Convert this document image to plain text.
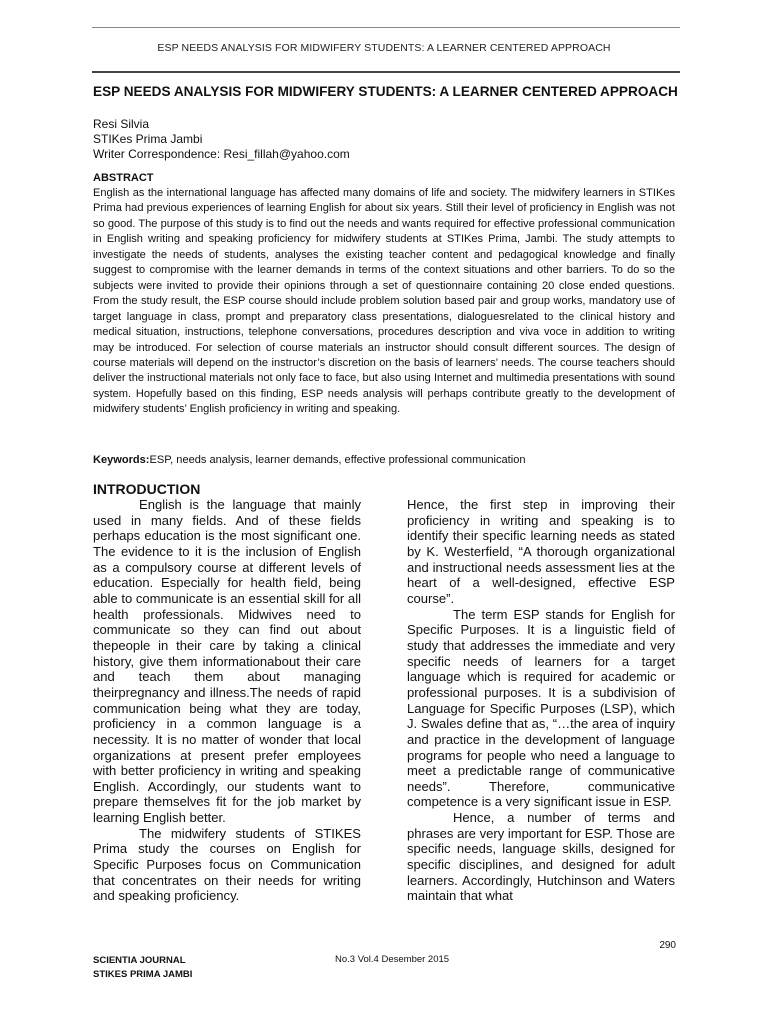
ESP NEEDS ANALYSIS FOR MIDWIFERY STUDENTS: A LEARNER CENTERED APPROACH
ESP NEEDS ANALYSIS FOR MIDWIFERY STUDENTS: A LEARNER CENTERED APPROACH
Resi Silvia
STIKes Prima Jambi
Writer Correspondence: Resi_fillah@yahoo.com
ABSTRACT

English as the international language has affected many domains of life and society. The midwifery learners in STIKes Prima had previous experiences of learning English for about six years. Still their level of proficiency in English was not so good. The purpose of this study is to find out the needs and wants required for effective professional communication in English writing and speaking proficiency for midwifery students at STIKes Prima, Jambi. The study attempts to investigate the needs of students, analyses the existing teacher content and pedagogical knowledge and finally suggest to compromise with the learner demands in terms of the context situations and other barriers. To do so the subjects were invited to provide their opinions through a set of questionnaire containing 20 close ended questions. From the study result, the ESP course should include problem solution based pair and group works, mandatory use of target language in class, prompt and preparatory class presentations, dialoguesrelated to the clinical history and medical situation, instructions, telephone conversations, procedures description and viva voce in addition to writing may be introduced. For selection of course materials an instructor should consult different sources. The design of course materials will depend on the instructor’s discretion on the basis of learners’ needs. The course teachers should deliver the instructional materials not only face to face, but also using Internet and multimedia presentations with sound system. Hopefully based on this finding, ESP needs analysis will perhaps contribute greatly to the development of midwifery students’ English proficiency in writing and speaking.

Keywords:ESP, needs analysis, learner demands, effective professional communication
INTRODUCTION

English is the language that mainly used in many fields. And of these fields perhaps education is the most significant one. The evidence to it is the inclusion of English as a compulsory course at different levels of education. Especially for health field, being able to communicate is an essential skill for all health professionals. Midwives need to communicate so they can find out about thepeople in their care by taking a clinical history, give them informationabout their care and teach them about managing theirpregnancy and illness.The needs of rapid communication being what they are today, proficiency in a common language is a necessity. It is no matter of wonder that local organizations at present prefer employees with better proficiency in writing and speaking English. Accordingly, our students want to prepare themselves fit for the job market by learning English better.

The midwifery students of STIKES Prima study the courses on English for Specific Purposes focus on Communication that concentrates on their needs for writing and speaking proficiency.

Hence, the first step in improving their proficiency in writing and speaking is to identify their specific learning needs as stated by K. Westerfield, “A thorough organizational and instructional needs assessment lies at the heart of a well-designed, effective ESP course”.

The term ESP stands for English for Specific Purposes. It is a linguistic field of study that addresses the immediate and very specific needs of learners for a target language which is required for academic or professional purposes. It is a subdivision of Language for Specific Purposes (LSP), which J. Swales define that as, “…the area of inquiry and practice in the development of language programs for people who need a language to meet a predictable range of communicative needs”. Therefore, communicative competence is a very significant issue in ESP.

Hence, a number of terms and phrases are very important for ESP. Those are specific needs, language skills, designed for specific disciplines, and designed for adult learners. Accordingly, Hutchinson and Waters maintain that what

290
SCIENTIA JOURNAL
STIKES PRIMA JAMBI
No.3 Vol.4 Desember 2015
